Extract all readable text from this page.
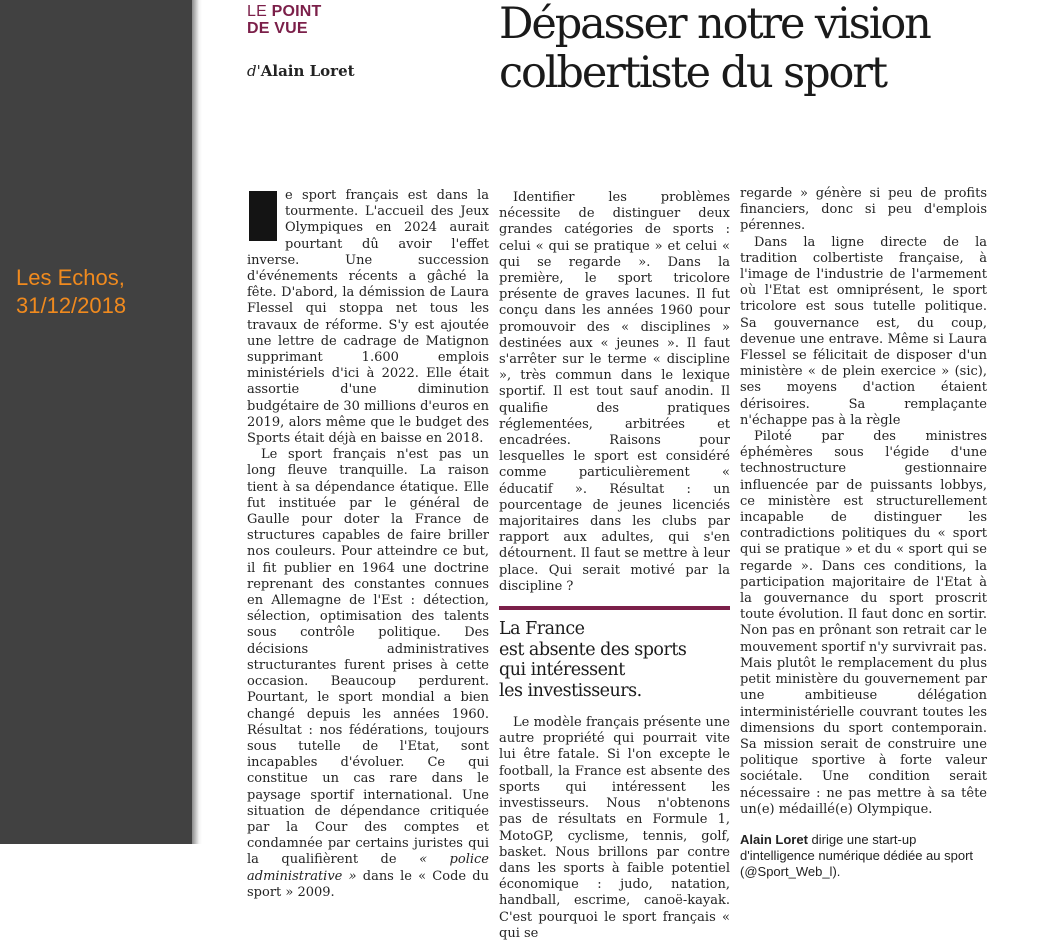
Les Echos,
31/12/2018
LE POINT
DE VUE
d'Alain Loret
Dépasser notre vision
colbertiste du sport

e sport français est dans la tourmente. L'accueil des Jeux Olympiques en 2024 aurait pourtant dû avoir l'effet inverse. Une succession d'événements récents a gâché la fête. D'abord, la démission de Laura Flessel qui stoppa net tous les travaux de réforme. S'y est ajoutée une lettre de cadrage de Matignon supprimant 1.600 emplois ministériels d'ici à 2022. Elle était assortie d'une diminution budgétaire de 30 millions d'euros en 2019, alors même que le budget des Sports était déjà en baisse en 2018.

Le sport français n'est pas un long fleuve tranquille. La raison tient à sa dépendance étatique. Elle fut instituée par le général de Gaulle pour doter la France de structures capables de faire briller nos couleurs. Pour atteindre ce but, il fit publier en 1964 une doctrine reprenant des constantes connues en Allemagne de l'Est : détection, sélection, optimisation des talents sous contrôle politique. Des décisions administratives structurantes furent prises à cette occasion. Beaucoup perdurent. Pourtant, le sport mondial a bien changé depuis les années 1960. Résultat : nos fédérations, toujours sous tutelle de l'Etat, sont incapables d'évoluer. Ce qui constitue un cas rare dans le paysage sportif international. Une situation de dépendance critiquée par la Cour des comptes et condamnée par certains juristes qui la qualifièrent de « police administrative » dans le « Code du sport » 2009.

Identifier les problèmes nécessite de distinguer deux grandes catégories de sports : celui « qui se pratique » et celui « qui se regarde ». Dans la première, le sport tricolore présente de graves lacunes. Il fut conçu dans les années 1960 pour promouvoir des « disciplines » destinées aux « jeunes ». Il faut s'arrêter sur le terme « discipline », très commun dans le lexique sportif. Il est tout sauf anodin. Il qualifie des pratiques réglementées, arbitrées et encadrées. Raisons pour lesquelles le sport est considéré comme particulièrement « éducatif ». Résultat : un pourcentage de jeunes licenciés majoritaires dans les clubs par rapport aux adultes, qui s'en détournent. Il faut se mettre à leur place. Qui serait motivé par la discipline ?

La France
est absente des sports
qui intéressent
les investisseurs.

Le modèle français présente une autre propriété qui pourrait vite lui être fatale. Si l'on excepte le football, la France est absente des sports qui intéressent les investisseurs. Nous n'obtenons pas de résultats en Formule 1, MotoGP, cyclisme, tennis, golf, basket. Nous brillons par contre dans les sports à faible potentiel économique : judo, natation, handball, escrime, canoë-kayak. C'est pourquoi le sport français « qui se

regarde » génère si peu de profits financiers, donc si peu d'emplois pérennes.

Dans la ligne directe de la tradition colbertiste française, à l'image de l'industrie de l'armement où l'Etat est omniprésent, le sport tricolore est sous tutelle politique. Sa gouvernance est, du coup, devenue une entrave. Même si Laura Flessel se félicitait de disposer d'un ministère « de plein exercice » (sic), ses moyens d'action étaient dérisoires. Sa remplaçante n'échappe pas à la règle

Piloté par des ministres éphémères sous l'égide d'une technostructure gestionnaire influencée par de puissants lobbys, ce ministère est structurellement incapable de distinguer les contradictions politiques du « sport qui se pratique » et du « sport qui se regarde ». Dans ces conditions, la participation majoritaire de l'Etat à la gouvernance du sport proscrit toute évolution. Il faut donc en sortir. Non pas en prônant son retrait car le mouvement sportif n'y survivrait pas. Mais plutôt le remplacement du plus petit ministère du gouvernement par une ambitieuse délégation interministérielle couvrant toutes les dimensions du sport contemporain. Sa mission serait de construire une politique sportive à forte valeur sociétale. Une condition serait nécessaire : ne pas mettre à sa tête un(e) médaillé(e) Olympique.

Alain Loret dirige une start-up d'intelligence numérique dédiée au sport (@Sport_Web_l).
